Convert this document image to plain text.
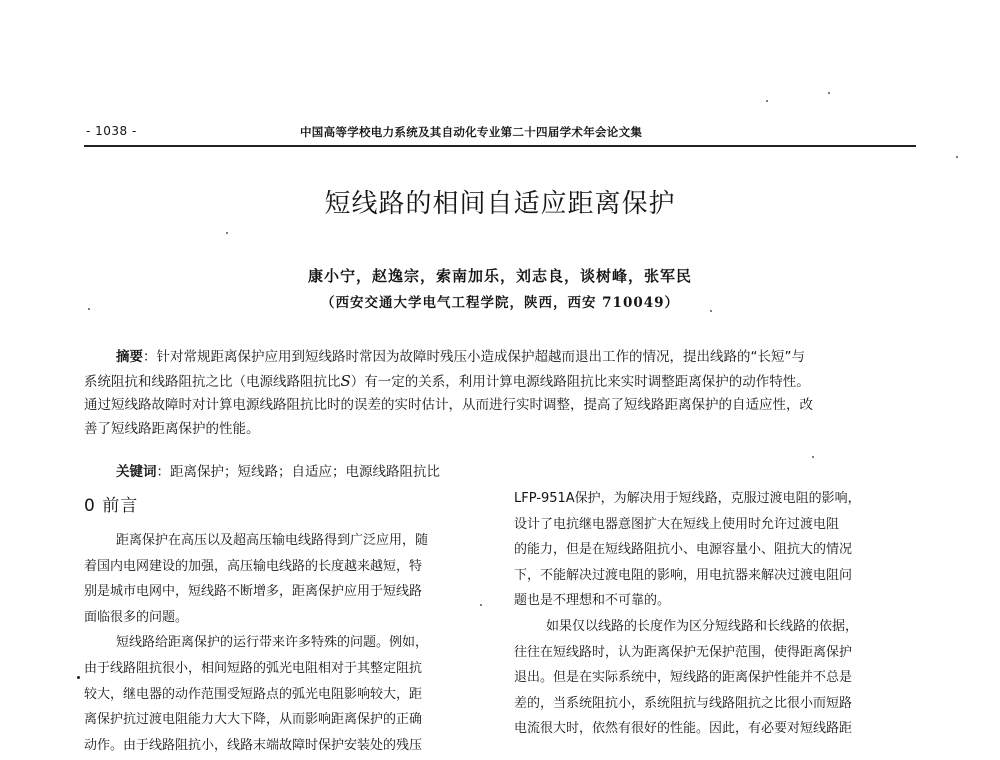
- 1038 -	中国高等学校电力系统及其自动化专业第二十四届学术年会论文集
短线路的相间自适应距离保护
康小宁，赵逸宗，索南加乐，刘志良，谈树峰，张军民
（西安交通大学电气工程学院，陕西，西安 710049）
摘要：针对常规距离保护应用到短线路时常因为故障时残压小造成保护超越而退出工作的情况，提出线路的“长短”与
系统阻抗和线路阻抗之比（电源线路阻抗比S）有一定的关系，利用计算电源线路阻抗比来实时调整距离保护的动作特性。
通过短线路故障时对计算电源线路阻抗比时的误差的实时估计，从而进行实时调整，提高了短线路距离保护的自适应性，改
善了短线路距离保护的性能。
关键词：距离保护；短线路；自适应；电源线路阻抗比
0 前言
距离保护在高压以及超高压输电线路得到广泛应用，随
着国内电网建设的加强，高压输电线路的长度越来越短，特
别是城市电网中，短线路不断增多，距离保护应用于短线路
面临很多的问题。
短线路给距离保护的运行带来许多特殊的问题。例如，
由于线路阻抗很小，相间短路的弧光电阻相对于其整定阻抗
较大，继电器的动作范围受短路点的弧光电阻影响较大，距
离保护抗过渡电阻能力大大下降，从而影响距离保护的正确
动作。由于线路阻抗小，线路末端故障时保护安装处的残压
LFP-951A保护，为解决用于短线路，克服过渡电阻的影响，
设计了电抗继电器意图扩大在短线上使用时允许过渡电阻
的能力，但是在短线路阻抗小、电源容量小、阻抗大的情况
下，不能解决过渡电阻的影响，用电抗器来解决过渡电阻问
题也是不理想和不可靠的。
如果仅以线路的长度作为区分短线路和长线路的依据，
往往在短线路时，认为距离保护无保护范围，使得距离保护
退出。但是在实际系统中，短线路的距离保护性能并不总是
差的，当系统阻抗小，系统阻抗与线路阻抗之比很小而短路
电流很大时，依然有很好的性能。因此，有必要对短线路距
